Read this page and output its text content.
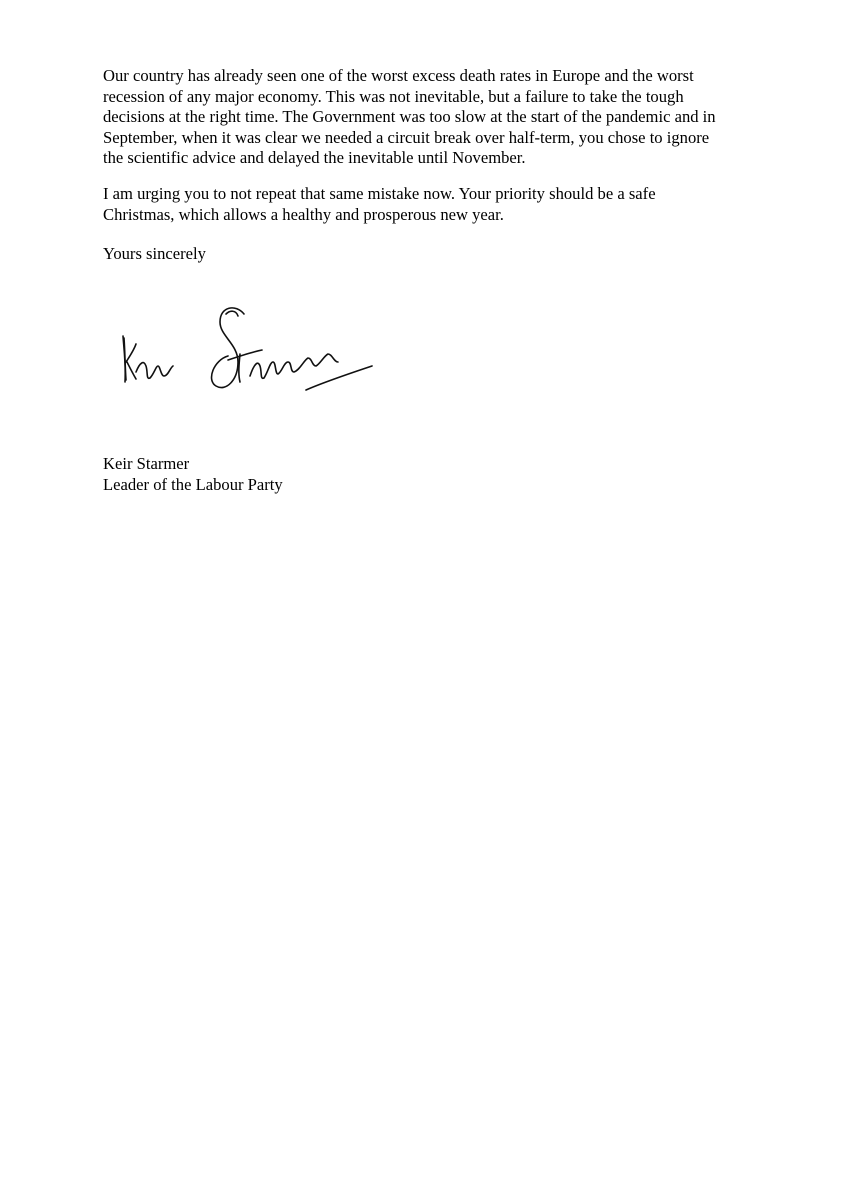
Our country has already seen one of the worst excess death rates in Europe and the worst
recession of any major economy. This was not inevitable, but a failure to take the tough
decisions at the right time. The Government was too slow at the start of the pandemic and in
September, when it was clear we needed a circuit break over half-term, you chose to ignore
the scientific advice and delayed the inevitable until November.
I am urging you to not repeat that same mistake now. Your priority should be a safe
Christmas, which allows a healthy and prosperous new year.
Yours sincerely
Keir Starmer
Leader of the Labour Party
